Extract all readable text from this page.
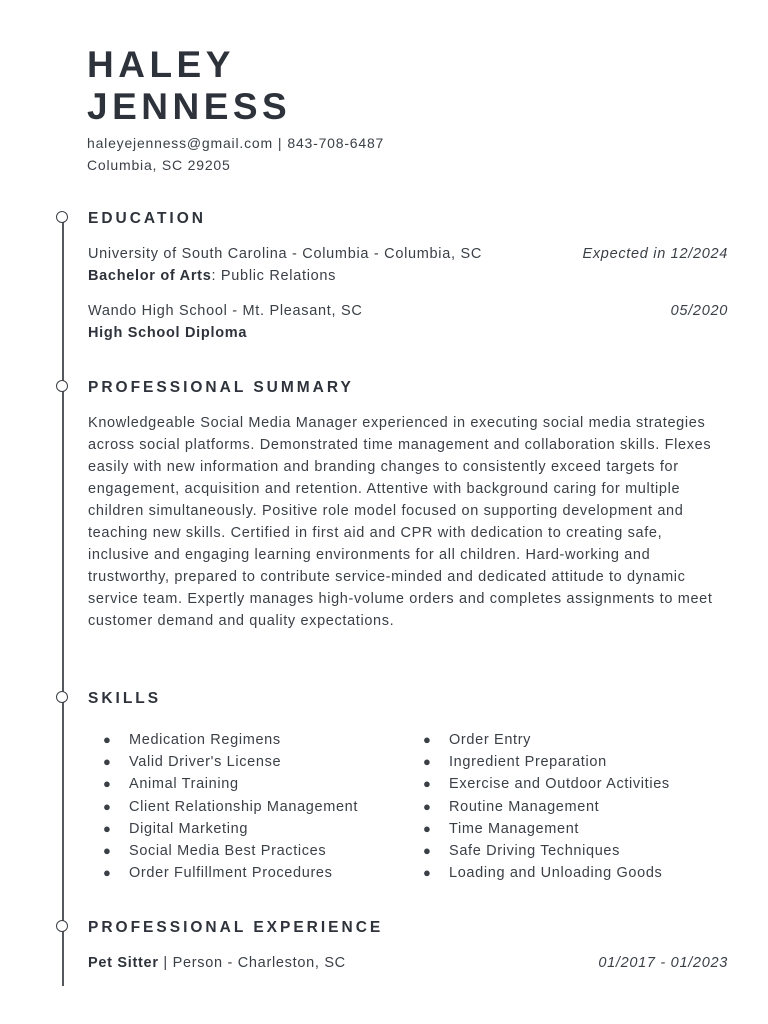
HALEY
JENNESS
haleyejenness@gmail.com | 843-708-6487
Columbia, SC 29205
EDUCATION
University of South Carolina - Columbia - Columbia, SC	Expected in 12/2024
Bachelor of Arts: Public Relations
Wando High School - Mt. Pleasant, SC	05/2020
High School Diploma
PROFESSIONAL SUMMARY

Knowledgeable Social Media Manager experienced in executing social media strategies across social platforms. Demonstrated time management and collaboration skills. Flexes easily with new information and branding changes to consistently exceed targets for engagement, acquisition and retention. Attentive with background caring for multiple children simultaneously. Positive role model focused on supporting development and teaching new skills. Certified in first aid and CPR with dedication to creating safe, inclusive and engaging learning environments for all children. Hard-working and trustworthy, prepared to contribute service-minded and dedicated attitude to dynamic service team. Expertly manages high-volume orders and completes assignments to meet customer demand and quality expectations.

SKILLS
● Medication Regimens
● Valid Driver's License
● Animal Training
● Client Relationship Management
● Digital Marketing
● Social Media Best Practices
● Order Fulfillment Procedures
● Order Entry
● Ingredient Preparation
● Exercise and Outdoor Activities
● Routine Management
● Time Management
● Safe Driving Techniques
● Loading and Unloading Goods
PROFESSIONAL EXPERIENCE
Pet Sitter | Person - Charleston, SC	01/2017 - 01/2023
